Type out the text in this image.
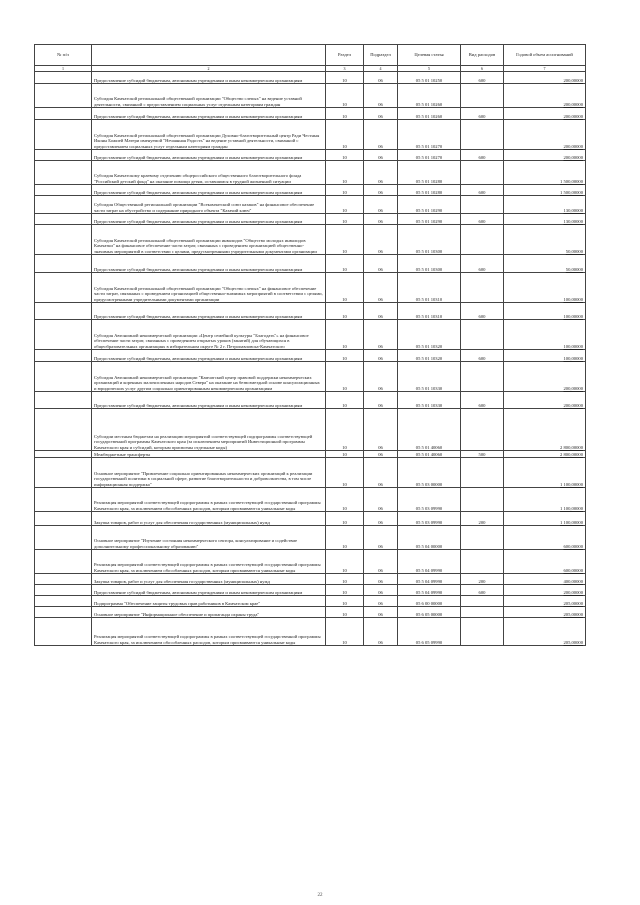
№ п/п		Раздел	Подраздел	Целевая статья	Вид расходов	Годовой объем ассигнований
1	2	3	4	5	6	7
	Предоставление субсидий бюджетным, автономным учреждениям и иным некоммерческим организациям	10	06	05 5 01 10250	600	200,00000
	Субсидия Камчатской региональной общественной организации "Общество слепых" на ведение уставной деятельности, связанной с предоставлением социальных услуг отдельным категориям граждан	10	06	05 5 01 10260		200,00000
	Предоставление субсидий бюджетным, автономным учреждениям и иным некоммерческим организациям	10	06	05 5 01 10260	600	200,00000
	Субсидия Камчатской региональной общественной организации Духовно-благотворительный центр Ради Честныя Иконы Божией Матери именуемой "Нечаянная Радость" на ведение уставной деятельности, связанной с предоставлением социальных услуг отдельным категориям граждан	10	06	05 5 01 10270		200,00000
	Предоставление субсидий бюджетным, автономным учреждениям и иным некоммерческим организациям	10	06	05 5 01 10270	600	200,00000
	Субсидия Камчатскому краевому отделению общероссийского общественного благотворительного фонда "Российский детский фонд" на оказание помощи детям, оставшимся в трудной жизненной ситуации	10	06	05 5 01 10280		1 500,00000
	Предоставление субсидий бюджетным, автономным учреждениям и иным некоммерческим организациям	10	06	05 5 01 10280	600	1 500,00000
	Субсидия Общественной региональной организации "Всекамчатский союз казаков" на финансовое обеспечение части затрат на обустройство и содержание природного объекта "Казачий ключ"	10	06	05 5 01 10290		130,00000
	Предоставление субсидий бюджетным, автономным учреждениям и иным некоммерческим организациям	10	06	05 5 01 10290	600	130,00000
	Субсидия Камчатской региональной общественной организации инвалидов "Общество молодых инвалидов Камчатки" на финансовое обеспечение части затрат, связанных с проведением организацией общественно-значимых мероприятий в соответствии с целями, предусмотренными учредительными документами организации	10	06	05 5 01 10300		50,00000
	Предоставление субсидий бюджетным, автономным учреждениям и иным некоммерческим организациям	10	06	05 5 01 10300	600	50,00000
	Субсидия Камчатской региональной общественной организации "Общество слепых" на финансовое обеспечение части затрат, связанных с проведением организацией общественно-значимых мероприятий в соответствии с целями, предусмотренными учредительными документами организации	10	06	05 5 01 10310		100,00000
	Предоставление субсидий бюджетным, автономным учреждениям и иным некоммерческим организациям	10	06	05 5 01 10310	600	100,00000
	Субсидия Автономной некоммерческой организации «Центр семейной культуры "Благодать"» на финансовое обеспечение части затрат, связанных с проведением открытых уроков (занятий) для обучающихся в общеобразовательных организациях в избирательном округе № 2 г. Петропавловска-Камчатского	10	06	05 5 01 10320		100,00000
	Предоставление субсидий бюджетным, автономным учреждениям и иным некоммерческим организациям	10	06	05 5 01 10320	600	100,00000
	Субсидия Автономной некоммерческой организации "Камчатский центр правовой поддержки некоммерческих организаций и коренных малочисленных народов Севера" на оказание на безвозмездной основе консультационных и юридических услуг другим социально ориентированным некоммерческим организациям	10	06	05 5 01 10330		200,00000
	Предоставление субсидий бюджетным, автономным учреждениям и иным некоммерческим организациям	10	06	05 5 01 10330	600	200,00000
	Субсидии местным бюджетам на реализацию мероприятий соответствующей подпрограммы соответствующей государственной программы Камчатского края (за исключением мероприятий Инвестиционной программы Камчатского края и субсидий, которым присвоены отдельные коды)	10	06	05 5 01 40060		2 800,00000
	Межбюджетные трансферты	10	06	05 5 01 40060	500	2 800,00000
	Основное мероприятие "Привлечение социально ориентированных некоммерческих организаций к реализации государственной политики в социальной сфере, развитие благотворительности и добровольчества, в том числе информационная поддержка"	10	06	05 5 03 00000		1 100,00000
	Реализация мероприятий соответствующей подпрограммы в рамках соответствующей государственной программы Камчатского края, за исключением обособленных расходов, которым присваиваются уникальные коды	10	06	05 5 03 09990		1 100,00000
	Закупка товаров, работ и услуг для обеспечения государственных (муниципальных) нужд	10	06	05 5 03 09990	200	1 100,00000
	Основное мероприятие "Изучение состояния некоммерческого сектора, консультирование и содействие дополнительному профессиональному образованию"	10	06	05 5 04 00000		600,00000
	Реализация мероприятий соответствующей подпрограммы в рамках соответствующей государственной программы Камчатского края, за исключением обособленных расходов, которым присваиваются уникальные коды	10	06	05 5 04 09990		600,00000
	Закупка товаров, работ и услуг для обеспечения государственных (муниципальных) нужд	10	06	05 5 04 09990	200	400,00000
	Предоставление субсидий бюджетным, автономным учреждениям и иным некоммерческим организациям	10	06	05 5 04 09990	600	200,00000
	Подпрограмма "Обеспечение защиты трудовых прав работников в Камчатском крае"	10	06	05 6 00 00000		205,00000
	Основное мероприятие "Информационное обеспечение и пропаганда охраны труда"	10	06	05 6 05 00000		205,00000
	Реализация мероприятий соответствующей подпрограммы в рамках соответствующей государственной программы Камчатского края, за исключением обособленных расходов, которым присваиваются уникальные коды	10	06	05 6 05 09990		205,00000
22
